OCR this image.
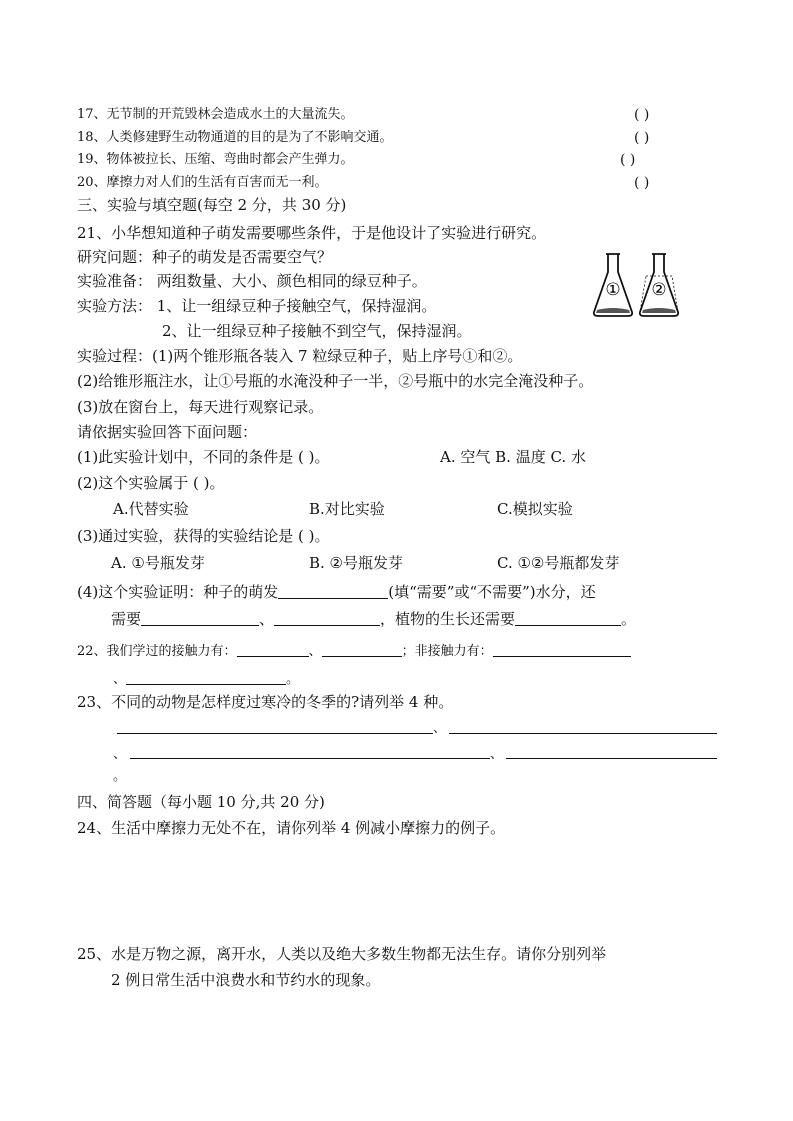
17、无节制的开荒毁林会造成水土的大量流失。	( )
18、人类修建野生动物通道的目的是为了不影响交通。	( )
19、物体被拉长、压缩、弯曲时都会产生弹力。	( )
20、摩擦力对人们的生活有百害而无一利。	( )
三、实验与填空题(每空 2 分，共 30 分)
21、小华想知道种子萌发需要哪些条件，于是他设计了实验进行研究。
研究问题：种子的萌发是否需要空气？
实验准备： 两组数量、大小、颜色相同的绿豆种子。
实验方法： 1、让一组绿豆种子接触空气，保持湿润。
2、让一组绿豆种子接触不到空气，保持湿润。
① ②
实验过程：(1)两个锥形瓶各装入 7 粒绿豆种子，贴上序号①和②。
(2)给锥形瓶注水，让①号瓶的水淹没种子一半，②号瓶中的水完全淹没种子。
(3)放在窗台上，每天进行观察记录。
请依据实验回答下面问题：
(1)此实验计划中，不同的条件是 ( )。	A. 空气 B. 温度 C. 水
(2)这个实验属于 ( )。
A.代替实验	B.对比实验	C.模拟实验
(3)通过实验，获得的实验结论是 ( )。
A. ①号瓶发芽	B. ②号瓶发芽	C. ①②号瓶都发芽
(4)这个实验证明：种子的萌发	(填“需要”或“不需要”)水分，还
需要	、	，植物的生长还需要	。
22、我们学过的接触力有：	、	；非接触力有：
、	。
23、不同的动物是怎样度过寒冷的冬季的?请列举 4 种。
、
、	、
。
四、简答题（每小题 10 分,共 20 分)
24、生活中摩擦力无处不在，请你列举 4 例减小摩擦力的例子。
25、水是万物之源，离开水，人类以及绝大多数生物都无法生存。请你分别列举
2 例日常生活中浪费水和节约水的现象。
